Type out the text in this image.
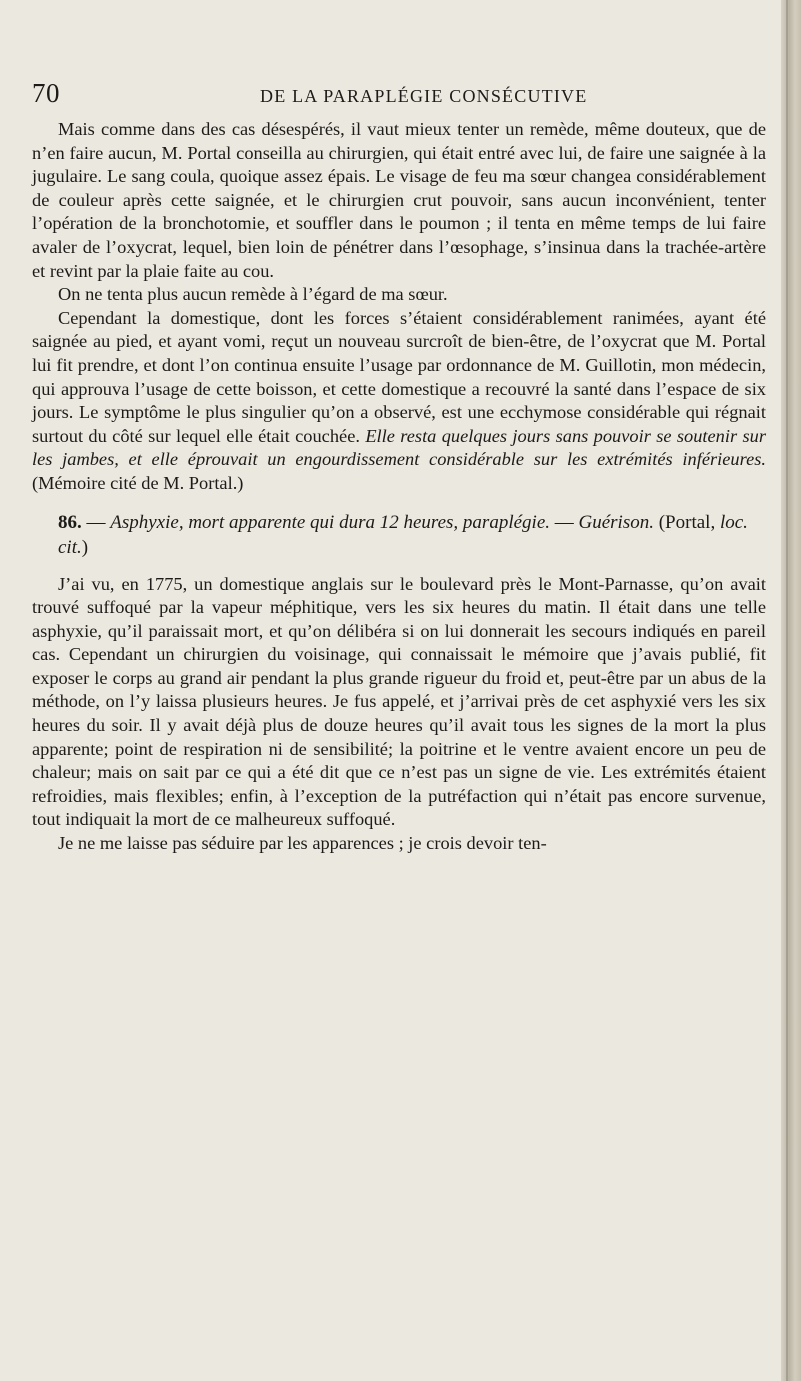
70	DE LA PARAPLÉGIE CONSÉCUTIVE

Mais comme dans des cas désespérés, il vaut mieux tenter un remède, même douteux, que de n’en faire aucun, M. Portal conseilla au chirurgien, qui était entré avec lui, de faire une saignée à la jugulaire. Le sang coula, quoique assez épais. Le visage de feu ma sœur changea considérablement de couleur après cette saignée, et le chirurgien crut pouvoir, sans aucun inconvénient, tenter l’opération de la bronchotomie, et souffler dans le poumon ; il tenta en même temps de lui faire avaler de l’oxycrat, lequel, bien loin de pénétrer dans l’œsophage, s’insinua dans la trachée-artère et revint par la plaie faite au cou.

On ne tenta plus aucun remède à l’égard de ma sœur.

Cependant la domestique, dont les forces s’étaient considérablement ranimées, ayant été saignée au pied, et ayant vomi, reçut un nouveau surcroît de bien-être, de l’oxycrat que M. Portal lui fit prendre, et dont l’on continua ensuite l’usage par ordonnance de M. Guillotin, mon médecin, qui approuva l’usage de cette boisson, et cette domestique a recouvré la santé dans l’espace de six jours. Le symptôme le plus singulier qu’on a observé, est une ecchymose considérable qui régnait surtout du côté sur lequel elle était couchée. Elle resta quelques jours sans pouvoir se soutenir sur les jambes, et elle éprouvait un engourdissement considérable sur les extrémités inférieures. (Mémoire cité de M. Portal.)

86. — Asphyxie, mort apparente qui dura 12 heures, paraplégie. — Guérison. (Portal, loc. cit.)

J’ai vu, en 1775, un domestique anglais sur le boulevard près le Mont-Parnasse, qu’on avait trouvé suffoqué par la vapeur méphitique, vers les six heures du matin. Il était dans une telle asphyxie, qu’il paraissait mort, et qu’on délibéra si on lui donnerait les secours indiqués en pareil cas. Cependant un chirurgien du voisinage, qui connaissait le mémoire que j’avais publié, fit exposer le corps au grand air pendant la plus grande rigueur du froid et, peut-être par un abus de la méthode, on l’y laissa plusieurs heures. Je fus appelé, et j’arrivai près de cet asphyxié vers les six heures du soir. Il y avait déjà plus de douze heures qu’il avait tous les signes de la mort la plus apparente; point de respiration ni de sensibilité; la poitrine et le ventre avaient encore un peu de chaleur; mais on sait par ce qui a été dit que ce n’est pas un signe de vie. Les extrémités étaient refroidies, mais flexibles; enfin, à l’exception de la putréfaction qui n’était pas encore survenue, tout indiquait la mort de ce malheureux suffoqué.

Je ne me laisse pas séduire par les apparences ; je crois devoir ten-
